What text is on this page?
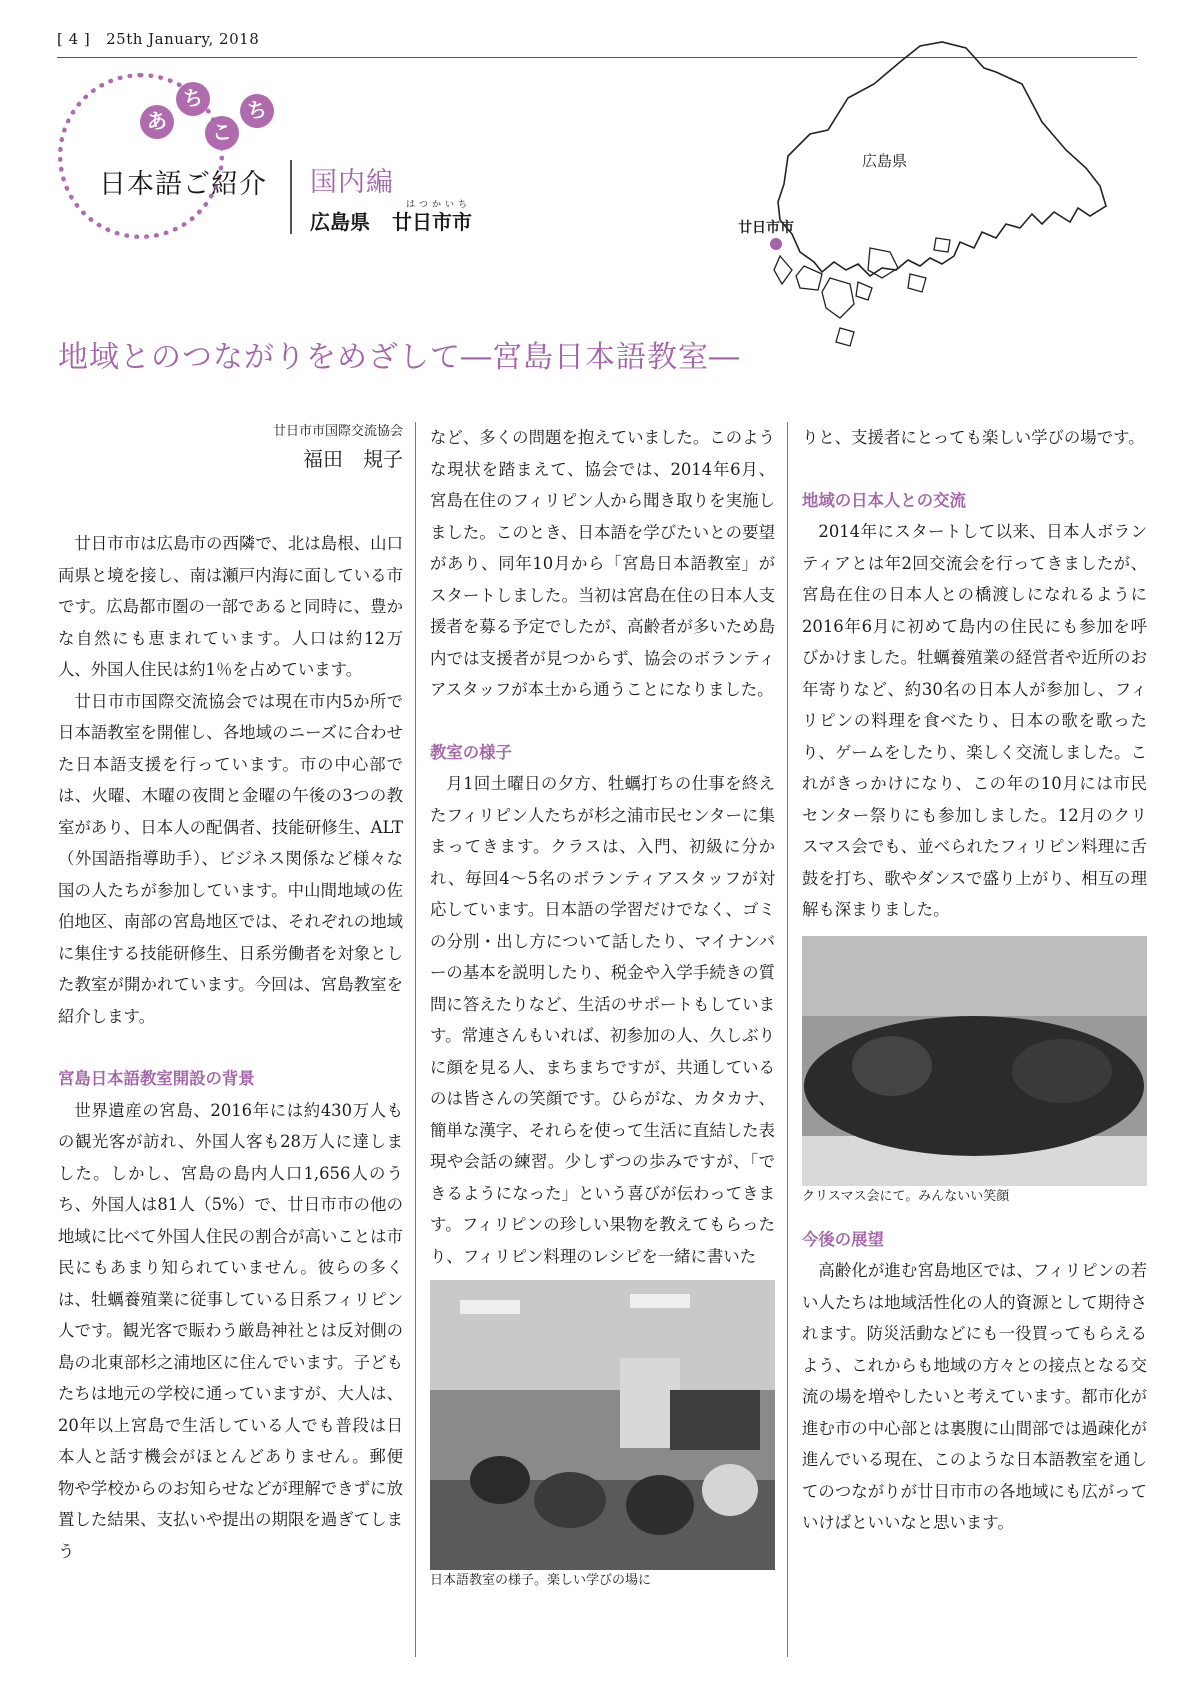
[ 4 ] 25th January, 2018
あ
ち
こ
ち
日本語ご紹介 国内編
はつかいち
広島県 廿日市市
広島県
廿日市市
地域とのつながりをめざして―宮島日本語教室―
廿日市市国際交流協会
福田　規子

廿日市市は広島市の西隣で、北は島根、山口両県と境を接し、南は瀬戸内海に面している市です。広島都市圏の一部であると同時に、豊かな自然にも恵まれています。人口は約12万人、外国人住民は約1％を占めています。

廿日市市国際交流協会では現在市内5か所で日本語教室を開催し、各地域のニーズに合わせた日本語支援を行っています。市の中心部では、火曜、木曜の夜間と金曜の午後の3つの教室があり、日本人の配偶者、技能研修生、ALT（外国語指導助手）、ビジネス関係など様々な国の人たちが参加しています。中山間地域の佐伯地区、南部の宮島地区では、それぞれの地域に集住する技能研修生、日系労働者を対象とした教室が開かれています。今回は、宮島教室を紹介します。

宮島日本語教室開設の背景

世界遺産の宮島、2016年には約430万人もの観光客が訪れ、外国人客も28万人に達しました。しかし、宮島の島内人口1,656人のうち、外国人は81人（5%）で、廿日市市の他の地域に比べて外国人住民の割合が高いことは市民にもあまり知られていません。彼らの多くは、牡蠣養殖業に従事している日系フィリピン人です。観光客で賑わう厳島神社とは反対側の島の北東部杉之浦地区に住んでいます。子どもたちは地元の学校に通っていますが、大人は、20年以上宮島で生活している人でも普段は日本人と話す機会がほとんどありません。郵便物や学校からのお知らせなどが理解できずに放置した結果、支払いや提出の期限を過ぎてしまう

など、多くの問題を抱えていました。このような現状を踏まえて、協会では、2014年6月、宮島在住のフィリピン人から聞き取りを実施しました。このとき、日本語を学びたいとの要望があり、同年10月から「宮島日本語教室」がスタートしました。当初は宮島在住の日本人支援者を募る予定でしたが、高齢者が多いため島内では支援者が見つからず、協会のボランティアスタッフが本土から通うことになりました。

教室の様子

月1回土曜日の夕方、牡蠣打ちの仕事を終えたフィリピン人たちが杉之浦市民センターに集まってきます。クラスは、入門、初級に分かれ、毎回4～5名のボランティアスタッフが対応しています。日本語の学習だけでなく、ゴミの分別・出し方について話したり、マイナンバーの基本を説明したり、税金や入学手続きの質問に答えたりなど、生活のサポートもしています。常連さんもいれば、初参加の人、久しぶりに顔を見る人、まちまちですが、共通しているのは皆さんの笑顔です。ひらがな、カタカナ、簡単な漢字、それらを使って生活に直結した表現や会話の練習。少しずつの歩みですが、「できるようになった」という喜びが伝わってきます。フィリピンの珍しい果物を教えてもらったり、フィリピン料理のレシピを一緒に書いた

日本語教室の様子。楽しい学びの場に

りと、支援者にとっても楽しい学びの場です。

地域の日本人との交流

2014年にスタートして以来、日本人ボランティアとは年2回交流会を行ってきましたが、宮島在住の日本人との橋渡しになれるように2016年6月に初めて島内の住民にも参加を呼びかけました。牡蠣養殖業の経営者や近所のお年寄りなど、約30名の日本人が参加し、フィリピンの料理を食べたり、日本の歌を歌ったり、ゲームをしたり、楽しく交流しました。これがきっかけになり、この年の10月には市民センター祭りにも参加しました。12月のクリスマス会でも、並べられたフィリピン料理に舌鼓を打ち、歌やダンスで盛り上がり、相互の理解も深まりました。

クリスマス会にて。みんないい笑顔
今後の展望

高齢化が進む宮島地区では、フィリピンの若い人たちは地域活性化の人的資源として期待されます。防災活動などにも一役買ってもらえるよう、これからも地域の方々との接点となる交流の場を増やしたいと考えています。都市化が進む市の中心部とは裏腹に山間部では過疎化が進んでいる現在、このような日本語教室を通してのつながりが廿日市市の各地域にも広がっていけばといいなと思います。
